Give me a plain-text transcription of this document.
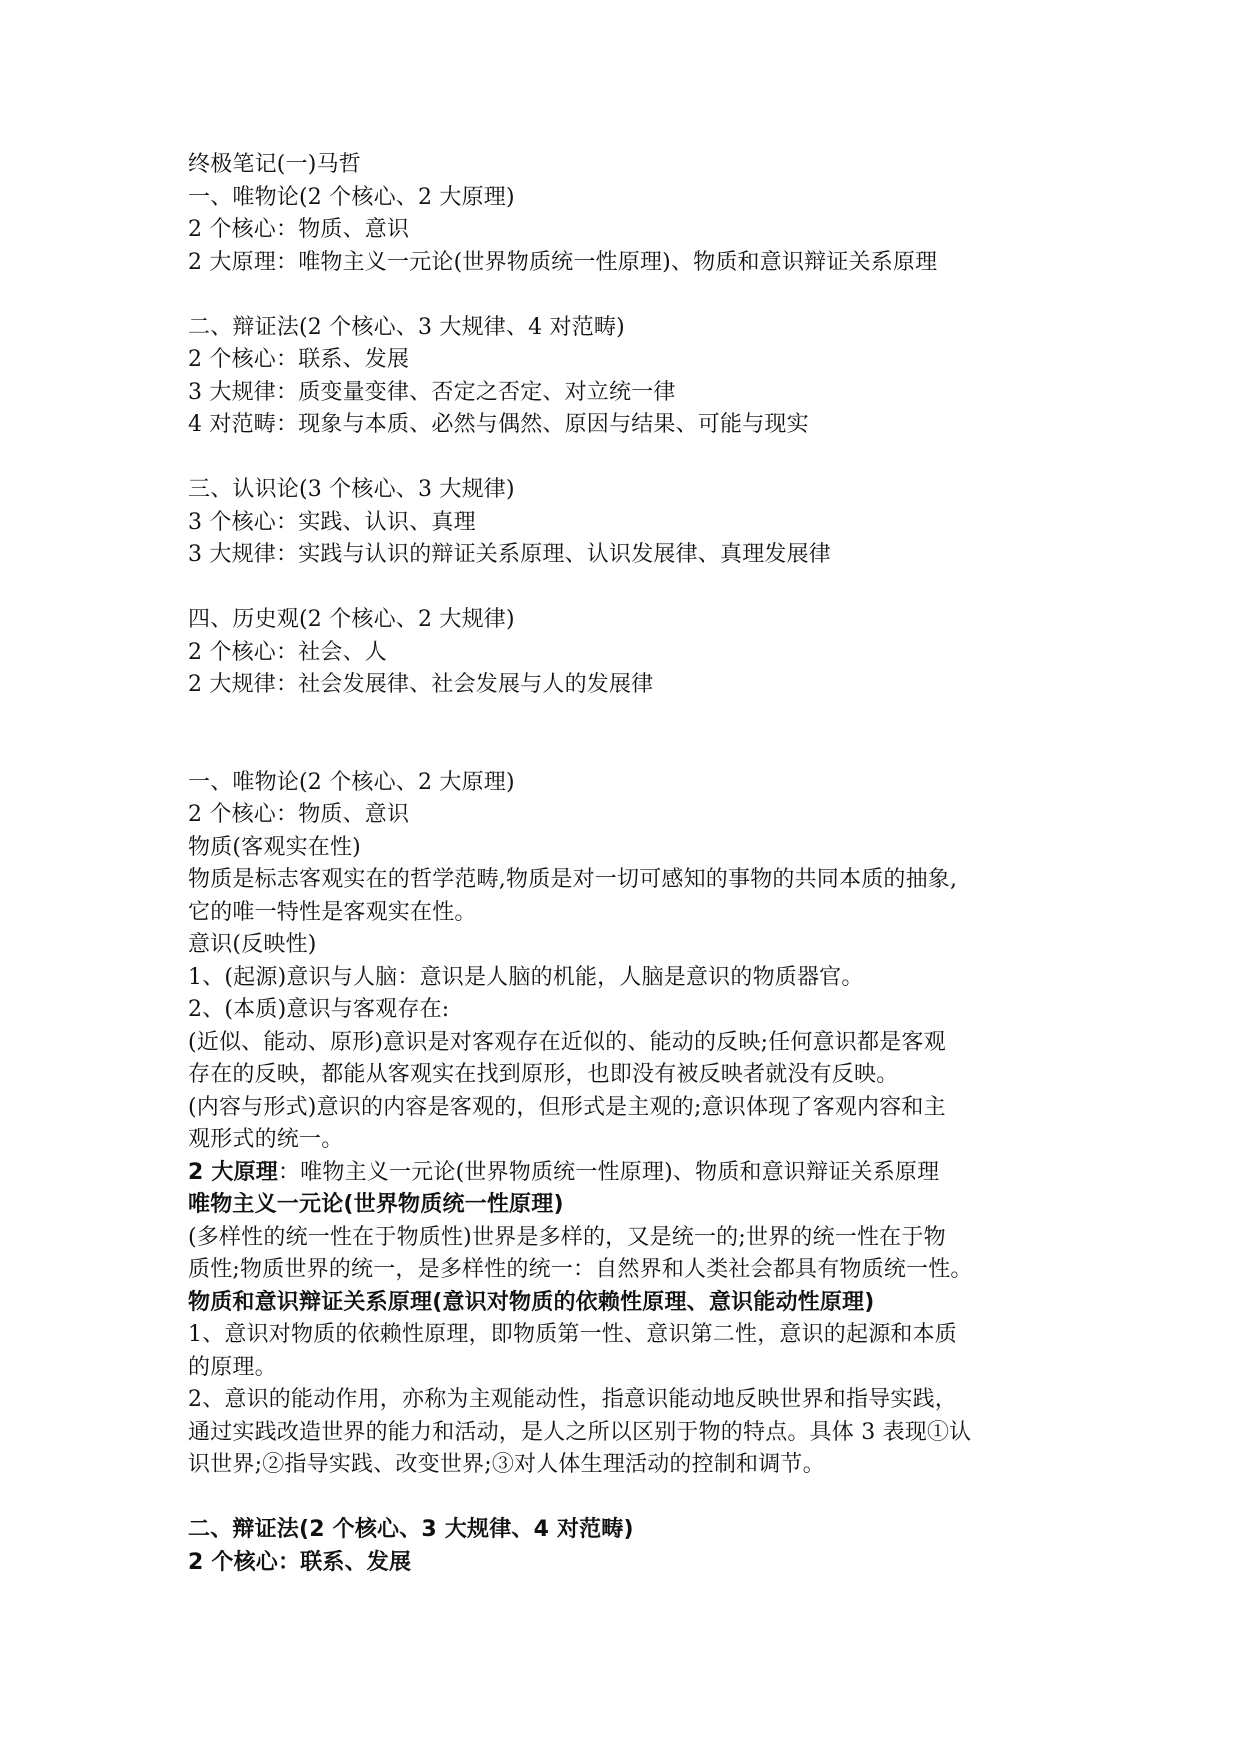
终极笔记(一)马哲
一、唯物论(2 个核心、2 大原理)
2 个核心：物质、意识
2 大原理：唯物主义一元论(世界物质统一性原理)、物质和意识辩证关系原理
二、辩证法(2 个核心、3 大规律、4 对范畴)
2 个核心：联系、发展
3 大规律：质变量变律、否定之否定、对立统一律
4 对范畴：现象与本质、必然与偶然、原因与结果、可能与现实
三、认识论(3 个核心、3 大规律)
3 个核心：实践、认识、真理
3 大规律：实践与认识的辩证关系原理、认识发展律、真理发展律
四、历史观(2 个核心、2 大规律)
2 个核心：社会、人
2 大规律：社会发展律、社会发展与人的发展律
一、唯物论(2 个核心、2 大原理)
2 个核心：物质、意识
物质(客观实在性)
物质是标志客观实在的哲学范畴,物质是对一切可感知的事物的共同本质的抽象,
它的唯一特性是客观实在性。
意识(反映性)
1、(起源)意识与人脑：意识是人脑的机能，人脑是意识的物质器官。
2、(本质)意识与客观存在:
(近似、能动、原形)意识是对客观存在近似的、能动的反映;任何意识都是客观
存在的反映，都能从客观实在找到原形，也即没有被反映者就没有反映。
(内容与形式)意识的内容是客观的，但形式是主观的;意识体现了客观内容和主
观形式的统一。
2 大原理：唯物主义一元论(世界物质统一性原理)、物质和意识辩证关系原理
唯物主义一元论(世界物质统一性原理)
(多样性的统一性在于物质性)世界是多样的，又是统一的;世界的统一性在于物
质性;物质世界的统一，是多样性的统一：自然界和人类社会都具有物质统一性。
物质和意识辩证关系原理(意识对物质的依赖性原理、意识能动性原理)
1、意识对物质的依赖性原理，即物质第一性、意识第二性，意识的起源和本质
的原理。
2、意识的能动作用，亦称为主观能动性，指意识能动地反映世界和指导实践，
通过实践改造世界的能力和活动，是人之所以区别于物的特点。具体 3 表现①认
识世界;②指导实践、改变世界;③对人体生理活动的控制和调节。
二、辩证法(2 个核心、3 大规律、4 对范畴)
2 个核心：联系、发展
